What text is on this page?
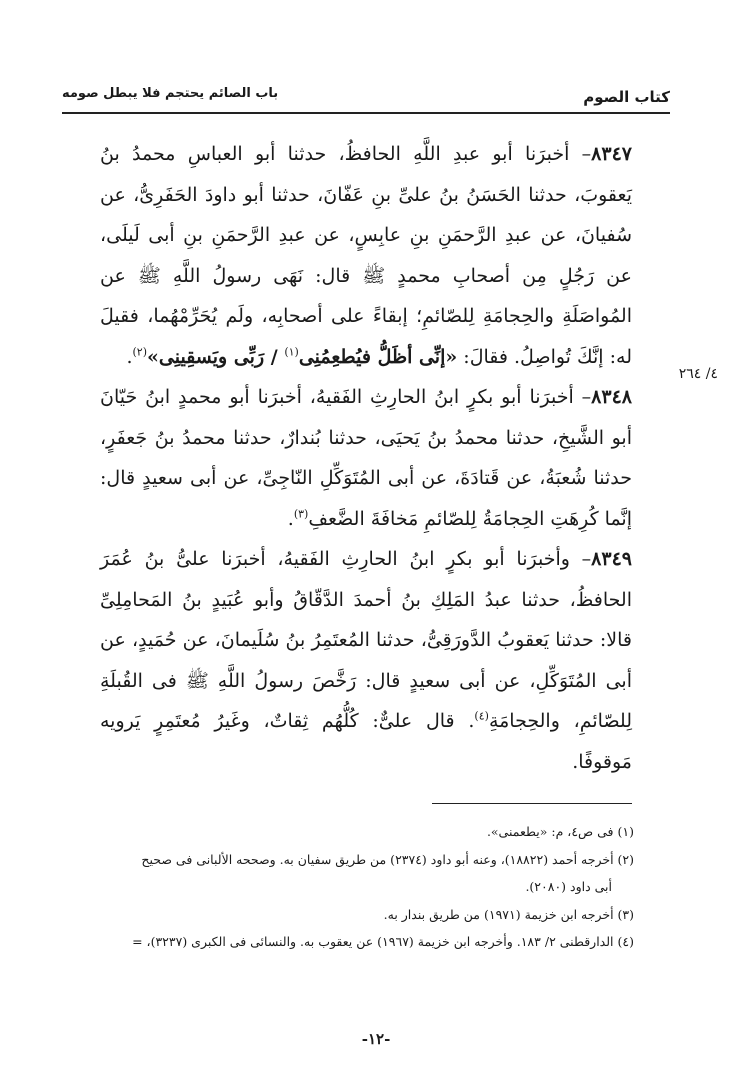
كتاب الصوم
باب الصائم يحتجم فلا يبطل صومه

٨٣٤٧– أخبرَنا أبو عبدِ اللَّهِ الحافظُ، حدثنا أبو العباسِ محمدُ بنُ يَعقوبَ، حدثنا الحَسَنُ بنُ علىِّ بنِ عَفّانَ، حدثنا أبو داودَ الحَفَرِىُّ، عن سُفيانَ، عن عبدِ الرَّحمَنِ بنِ عابِسٍ، عن عبدِ الرَّحمَنِ بنِ أبى لَيلَى، عن رَجُلٍ مِن أصحابِ محمدٍ ﷺ قال: نَهَى رسولُ اللَّهِ ﷺ عن المُواصَلَةِ والحِجامَةِ لِلصّائمِ؛ إبقاءً على أصحابِه، ولَم يُحَرِّمْهُما، فقيلَ له: إنَّكَ تُواصِلُ. فقالَ: «إنِّى أظَلُّ فيُطعِمُنِى$^{(١)}$ / رَبِّى ويَسقِينِى»$^{(٢)}$.

٨٣٤٨– أخبرَنا أبو بكرٍ ابنُ الحارِثِ الفَقيهُ، أخبرَنا أبو محمدٍ ابنُ حَيّانَ أبو الشَّيخِ، حدثنا محمدُ بنُ يَحيَى، حدثنا بُندارٌ، حدثنا محمدُ بنُ جَعفَرٍ، حدثنا شُعبَةُ، عن قَتادَةَ، عن أبى المُتَوَكِّلِ النّاجِىِّ، عن أبى سعيدٍ قال: إنَّما كُرِهَتِ الحِجامَةُ لِلصّائمِ مَخافَةَ الضَّعفِ$^{(٣)}$.

٨٣٤٩– وأخبرَنا أبو بكرٍ ابنُ الحارِثِ الفَقيهُ، أخبرَنا علىُّ بنُ عُمَرَ الحافظُ، حدثنا عبدُ المَلِكِ بنُ أحمدَ الدَّقّاقُ وأبو عُبَيدٍ بنُ المَحامِلِىِّ قالا: حدثنا يَعقوبُ الدَّورَقِىُّ، حدثنا المُعتَمِرُ بنُ سُلَيمانَ، عن حُمَيدٍ، عن أبى المُتَوَكِّلِ، عن أبى سعيدٍ قال: رَخَّصَ رسولُ اللَّهِ ﷺ فى القُبلَةِ لِلصّائمِ، والحِجامَةِ$^{(٤)}$. قال علىٌّ: كُلُّهُم ثِقاتٌ، وغَيرُ مُعتَمِرٍ يَرويه مَوقوفًا.

٤/ ٢٦٤

(١) فى ص٤، م: «يطعمنى».

(٢) أخرجه أحمد (١٨٨٢٢)، وعنه أبو داود (٢٣٧٤) من طريق سفيان به. وصححه الألبانى فى صحيح

أبى داود (٢٠٨٠).

(٣) أخرجه ابن خزيمة (١٩٧١) من طريق بندار به.

(٤) الدارقطنى ٢/ ١٨٣. وأخرجه ابن خزيمة (١٩٦٧) عن يعقوب به. والنسائى فى الكبرى (٣٢٣٧)، =

-١٢-
